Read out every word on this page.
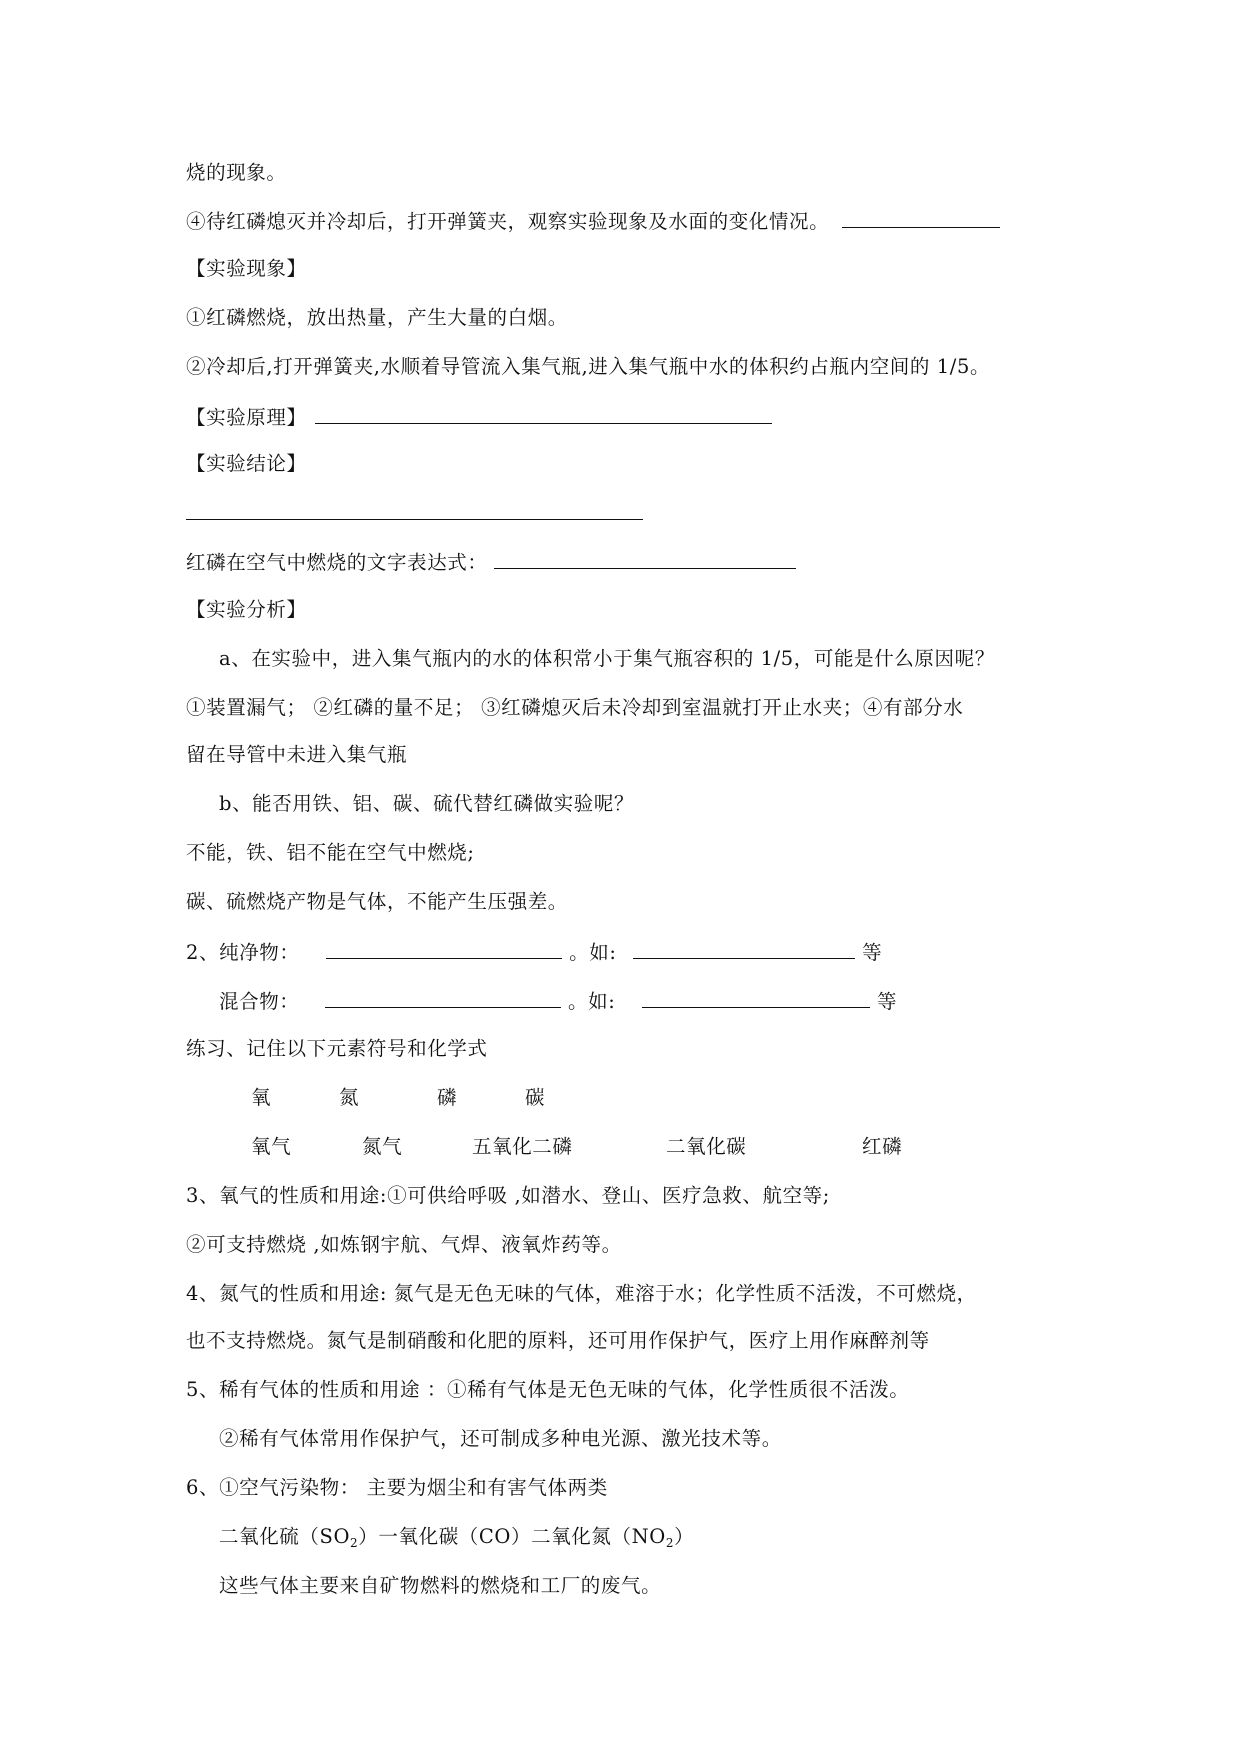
烧的现象。
④待红磷熄灭并冷却后，打开弹簧夹，观察实验现象及水面的变化情况。
【实验现象】
①红磷燃烧，放出热量，产生大量的白烟。
②冷却后,打开弹簧夹,水顺着导管流入集气瓶,进入集气瓶中水的体积约占瓶内空间的 1/5。
【实验原理】
【实验结论】
红磷在空气中燃烧的文字表达式：
【实验分析】
a、在实验中，进入集气瓶内的水的体积常小于集气瓶容积的 1/5，可能是什么原因呢？
①装置漏气； ②红磷的量不足； ③红磷熄灭后未冷却到室温就打开止水夹；④有部分水
留在导管中未进入集气瓶
b、能否用铁、铝、碳、硫代替红磷做实验呢？
不能，铁、铝不能在空气中燃烧;
碳、硫燃烧产物是气体，不能产生压强差。
2、纯净物：	。如:	等
混合物：	。如:	等
练习、记住以下元素符号和化学式
氧	氮	磷	碳
氧气	氮气	五氧化二磷	二氧化碳	红磷
3、氧气的性质和用途:①可供给呼吸 ,如潜水、登山、医疗急救、航空等;
②可支持燃烧 ,如炼钢宇航、气焊、液氧炸药等。
4、氮气的性质和用途: 氮气是无色无味的气体，难溶于水；化学性质不活泼，不可燃烧，
也不支持燃烧。氮气是制硝酸和化肥的原料，还可用作保护气，医疗上用作麻醉剂等
5、稀有气体的性质和用途 ：①稀有气体是无色无味的气体，化学性质很不活泼。
②稀有气体常用作保护气，还可制成多种电光源、激光技术等。
6、①空气污染物： 主要为烟尘和有害气体两类
二氧化硫$(SO_2)$一氧化碳（CO）二氧化氮$(NO_2)$
这些气体主要来自矿物燃料的燃烧和工厂的废气。
